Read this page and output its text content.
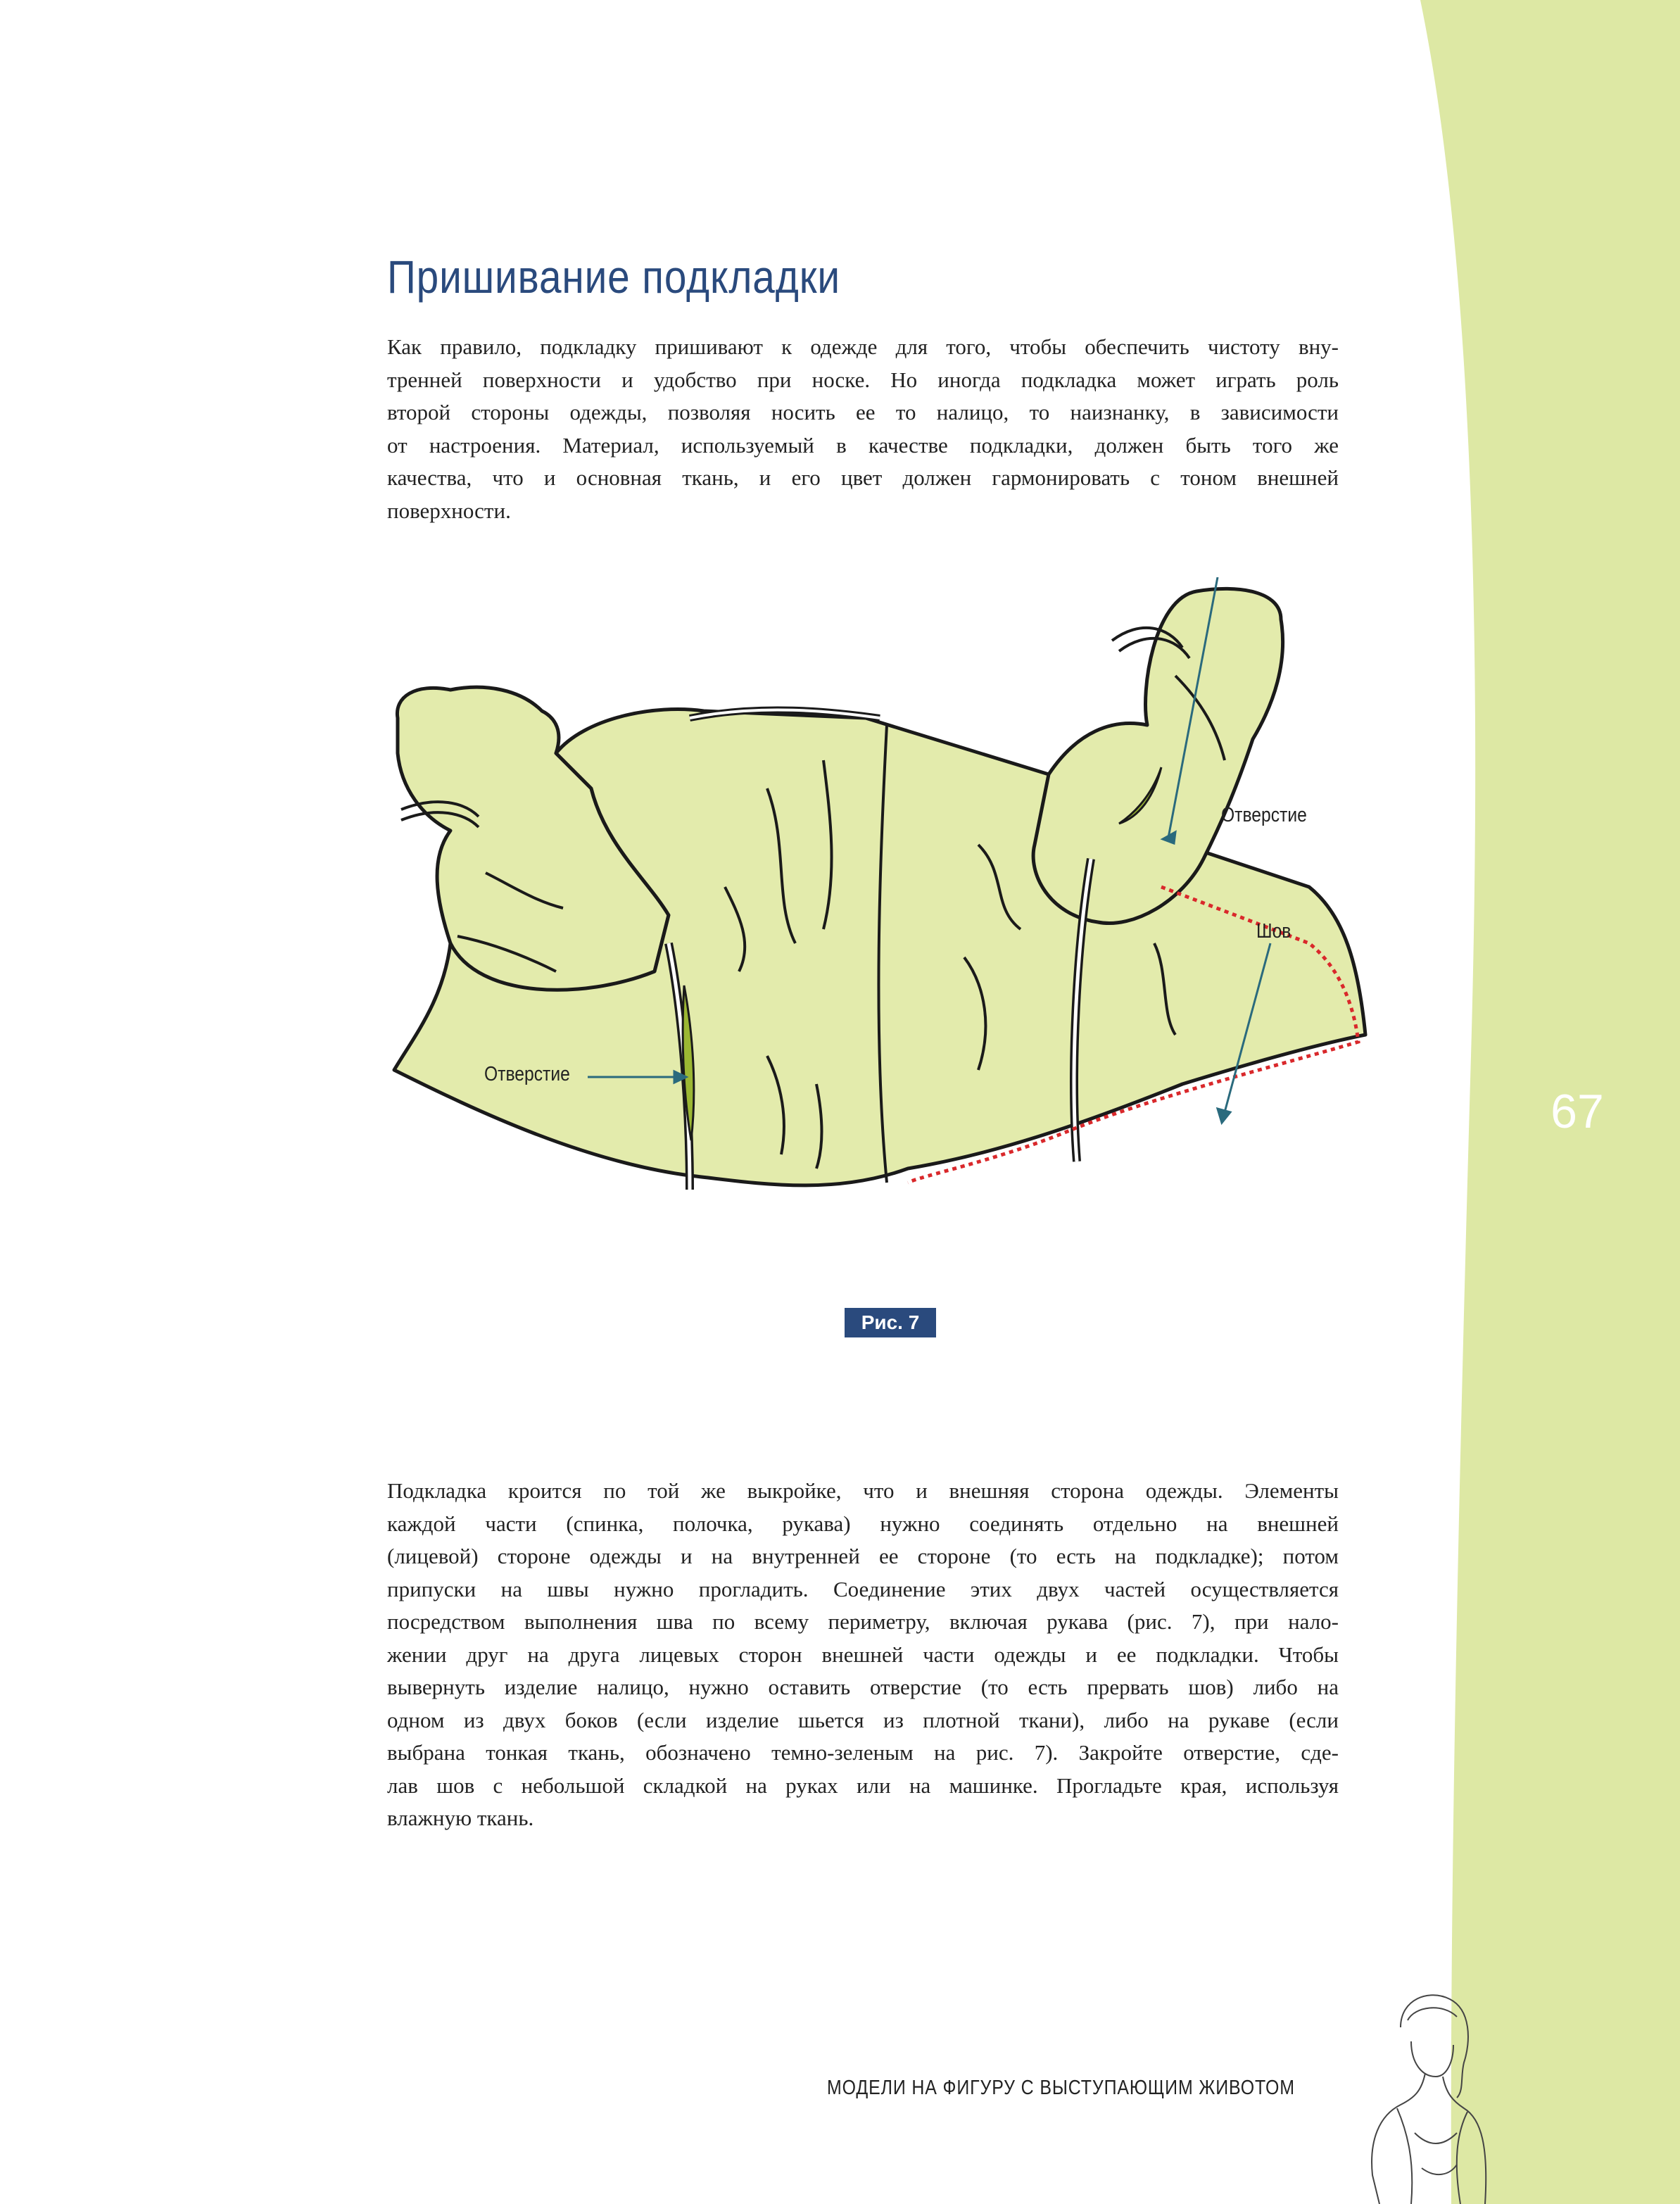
67
Пришивание подкладки
Как правило, подкладку пришивают к одежде для того, чтобы обеспечить чистоту вну-
тренней поверхности и удобство при носке. Но иногда подкладка может играть роль
второй стороны одежды, позволяя носить ее то налицо, то наизнанку, в зависимости
от настроения. Материал, используемый в качестве подкладки, должен быть того же
качества, что и основная ткань, и его цвет должен гармонировать с тоном внешней
поверхности.
Отверстие
Шов
Отверстие
Рис. 7
Подкладка кроится по той же выкройке, что и внешняя сторона одежды. Элементы
каждой части (спинка, полочка, рукава) нужно соединять отдельно на внешней
(лицевой) стороне одежды и на внутренней ее стороне (то есть на подкладке); потом
припуски на швы нужно прогладить. Соединение этих двух частей осуществляется
посредством выполнения шва по всему периметру, включая рукава (рис. 7), при нало-
жении друг на друга лицевых сторон внешней части одежды и ее подкладки. Чтобы
вывернуть изделие налицо, нужно оставить отверстие (то есть прервать шов) либо на
одном из двух боков (если изделие шьется из плотной ткани), либо на рукаве (если
выбрана тонкая ткань, обозначено темно-зеленым на рис. 7). Закройте отверстие, сде-
лав шов с небольшой складкой на руках или на машинке. Прогладьте края, используя
влажную ткань.
МОДЕЛИ НА ФИГУРУ С ВЫСТУПАЮЩИМ ЖИВОТОМ
